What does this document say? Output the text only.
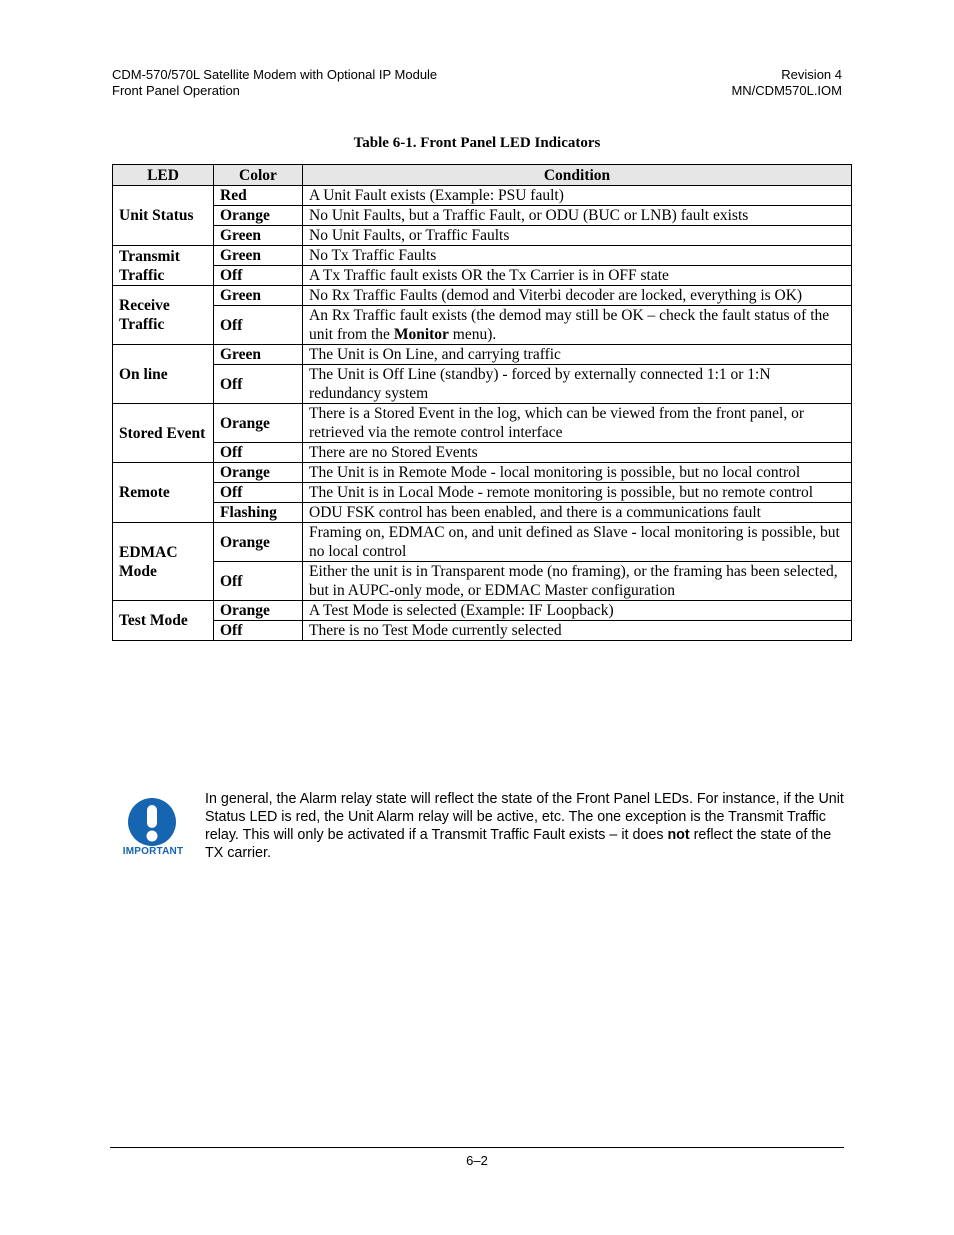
CDM-570/570L Satellite Modem with Optional IP Module
Front Panel Operation
Revision 4
MN/CDM570L.IOM
Table 6-1. Front Panel LED Indicators
LED	Color	Condition
Unit Status	Red	A Unit Fault exists (Example: PSU fault)
	Orange	No Unit Faults, but a Traffic Fault, or ODU (BUC or LNB) fault exists
	Green	No Unit Faults, or Traffic Faults
Transmit Traffic	Green	No Tx Traffic Faults
	Off	A Tx Traffic fault exists OR the Tx Carrier is in OFF state
Receive Traffic	Green	No Rx Traffic Faults (demod and Viterbi decoder are locked, everything is OK)
	Off	An Rx Traffic fault exists (the demod may still be OK – check the fault status of the unit from the Monitor menu).
On line	Green	The Unit is On Line, and carrying traffic
	Off	The Unit is Off Line (standby) - forced by externally connected 1:1 or 1:N redundancy system
Stored Event	Orange	There is a Stored Event in the log, which can be viewed from the front panel, or retrieved via the remote control interface
	Off	There are no Stored Events
Remote	Orange	The Unit is in Remote Mode - local monitoring is possible, but no local control
	Off	The Unit is in Local Mode - remote monitoring is possible, but no remote control
	Flashing	ODU FSK control has been enabled, and there is a communications fault
EDMAC Mode	Orange	Framing on, EDMAC on, and unit defined as Slave - local monitoring is possible, but no local control
	Off	Either the unit is in Transparent mode (no framing), or the framing has been selected, but in AUPC-only mode, or EDMAC Master configuration
Test Mode	Orange	A Test Mode is selected (Example: IF Loopback)
	Off	There is no Test Mode currently selected
IMPORTANT
In general, the Alarm relay state will reflect the state of the Front Panel LEDs. For instance, if the Unit Status LED is red, the Unit Alarm relay will be active, etc. The one exception is the Transmit Traffic relay. This will only be activated if a Transmit Traffic Fault exists – it does not reflect the state of the TX carrier.
6–2
